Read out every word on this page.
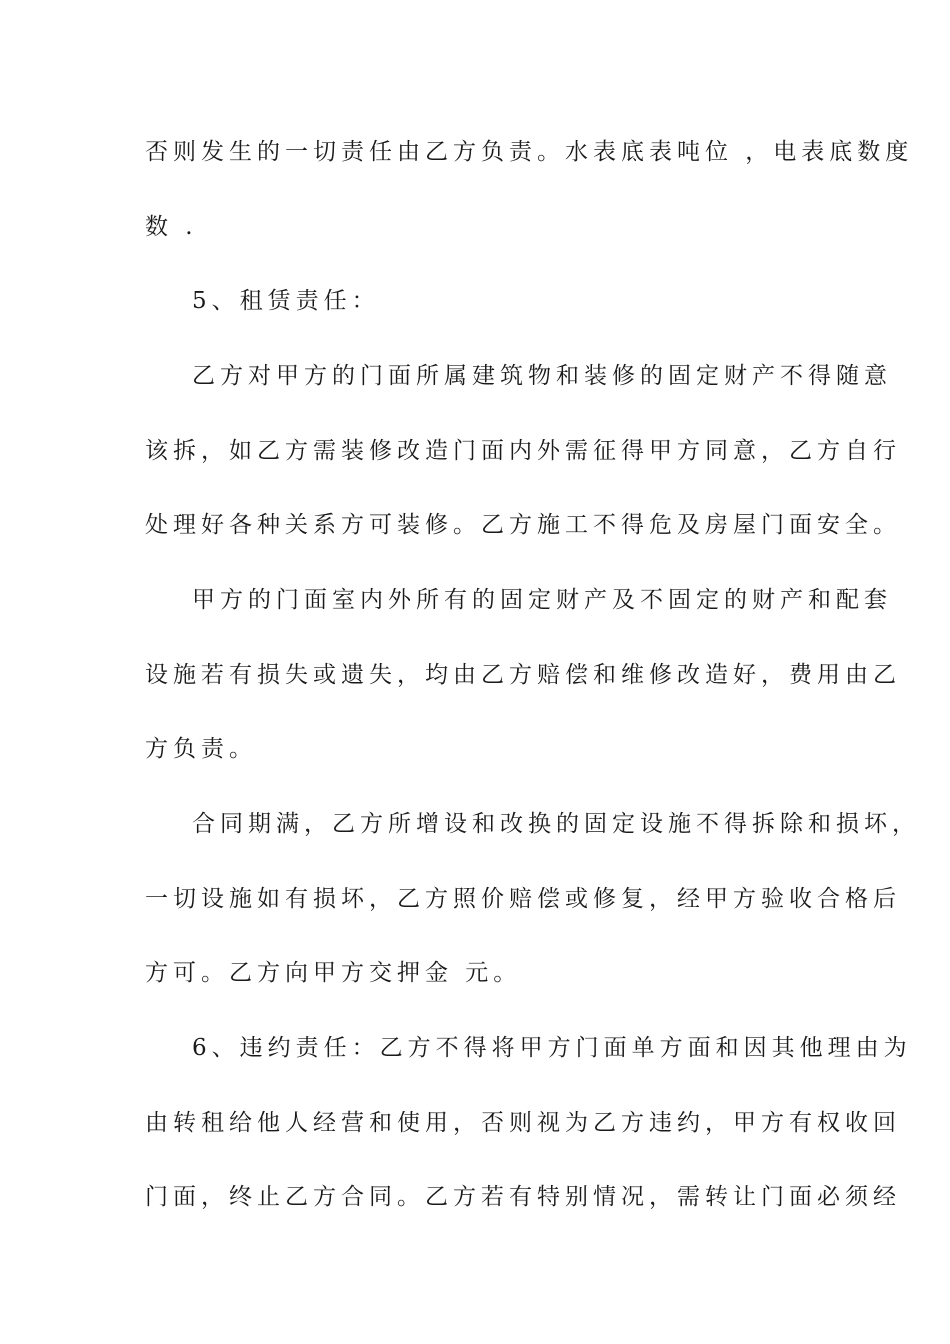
否则发生的一切责任由乙方负责。水表底表吨位 ，电表底数度
数 .
5、租赁责任：
乙方对甲方的门面所属建筑物和装修的固定财产不得随意
该拆，如乙方需装修改造门面内外需征得甲方同意，乙方自行
处理好各种关系方可装修。乙方施工不得危及房屋门面安全。
甲方的门面室内外所有的固定财产及不固定的财产和配套
设施若有损失或遗失，均由乙方赔偿和维修改造好，费用由乙
方负责。
合同期满，乙方所增设和改换的固定设施不得拆除和损坏，
一切设施如有损坏，乙方照价赔偿或修复，经甲方验收合格后
方可。乙方向甲方交押金 元。
6、违约责任：乙方不得将甲方门面单方面和因其他理由为
由转租给他人经营和使用，否则视为乙方违约，甲方有权收回
门面，终止乙方合同。乙方若有特别情况，需转让门面必须经
